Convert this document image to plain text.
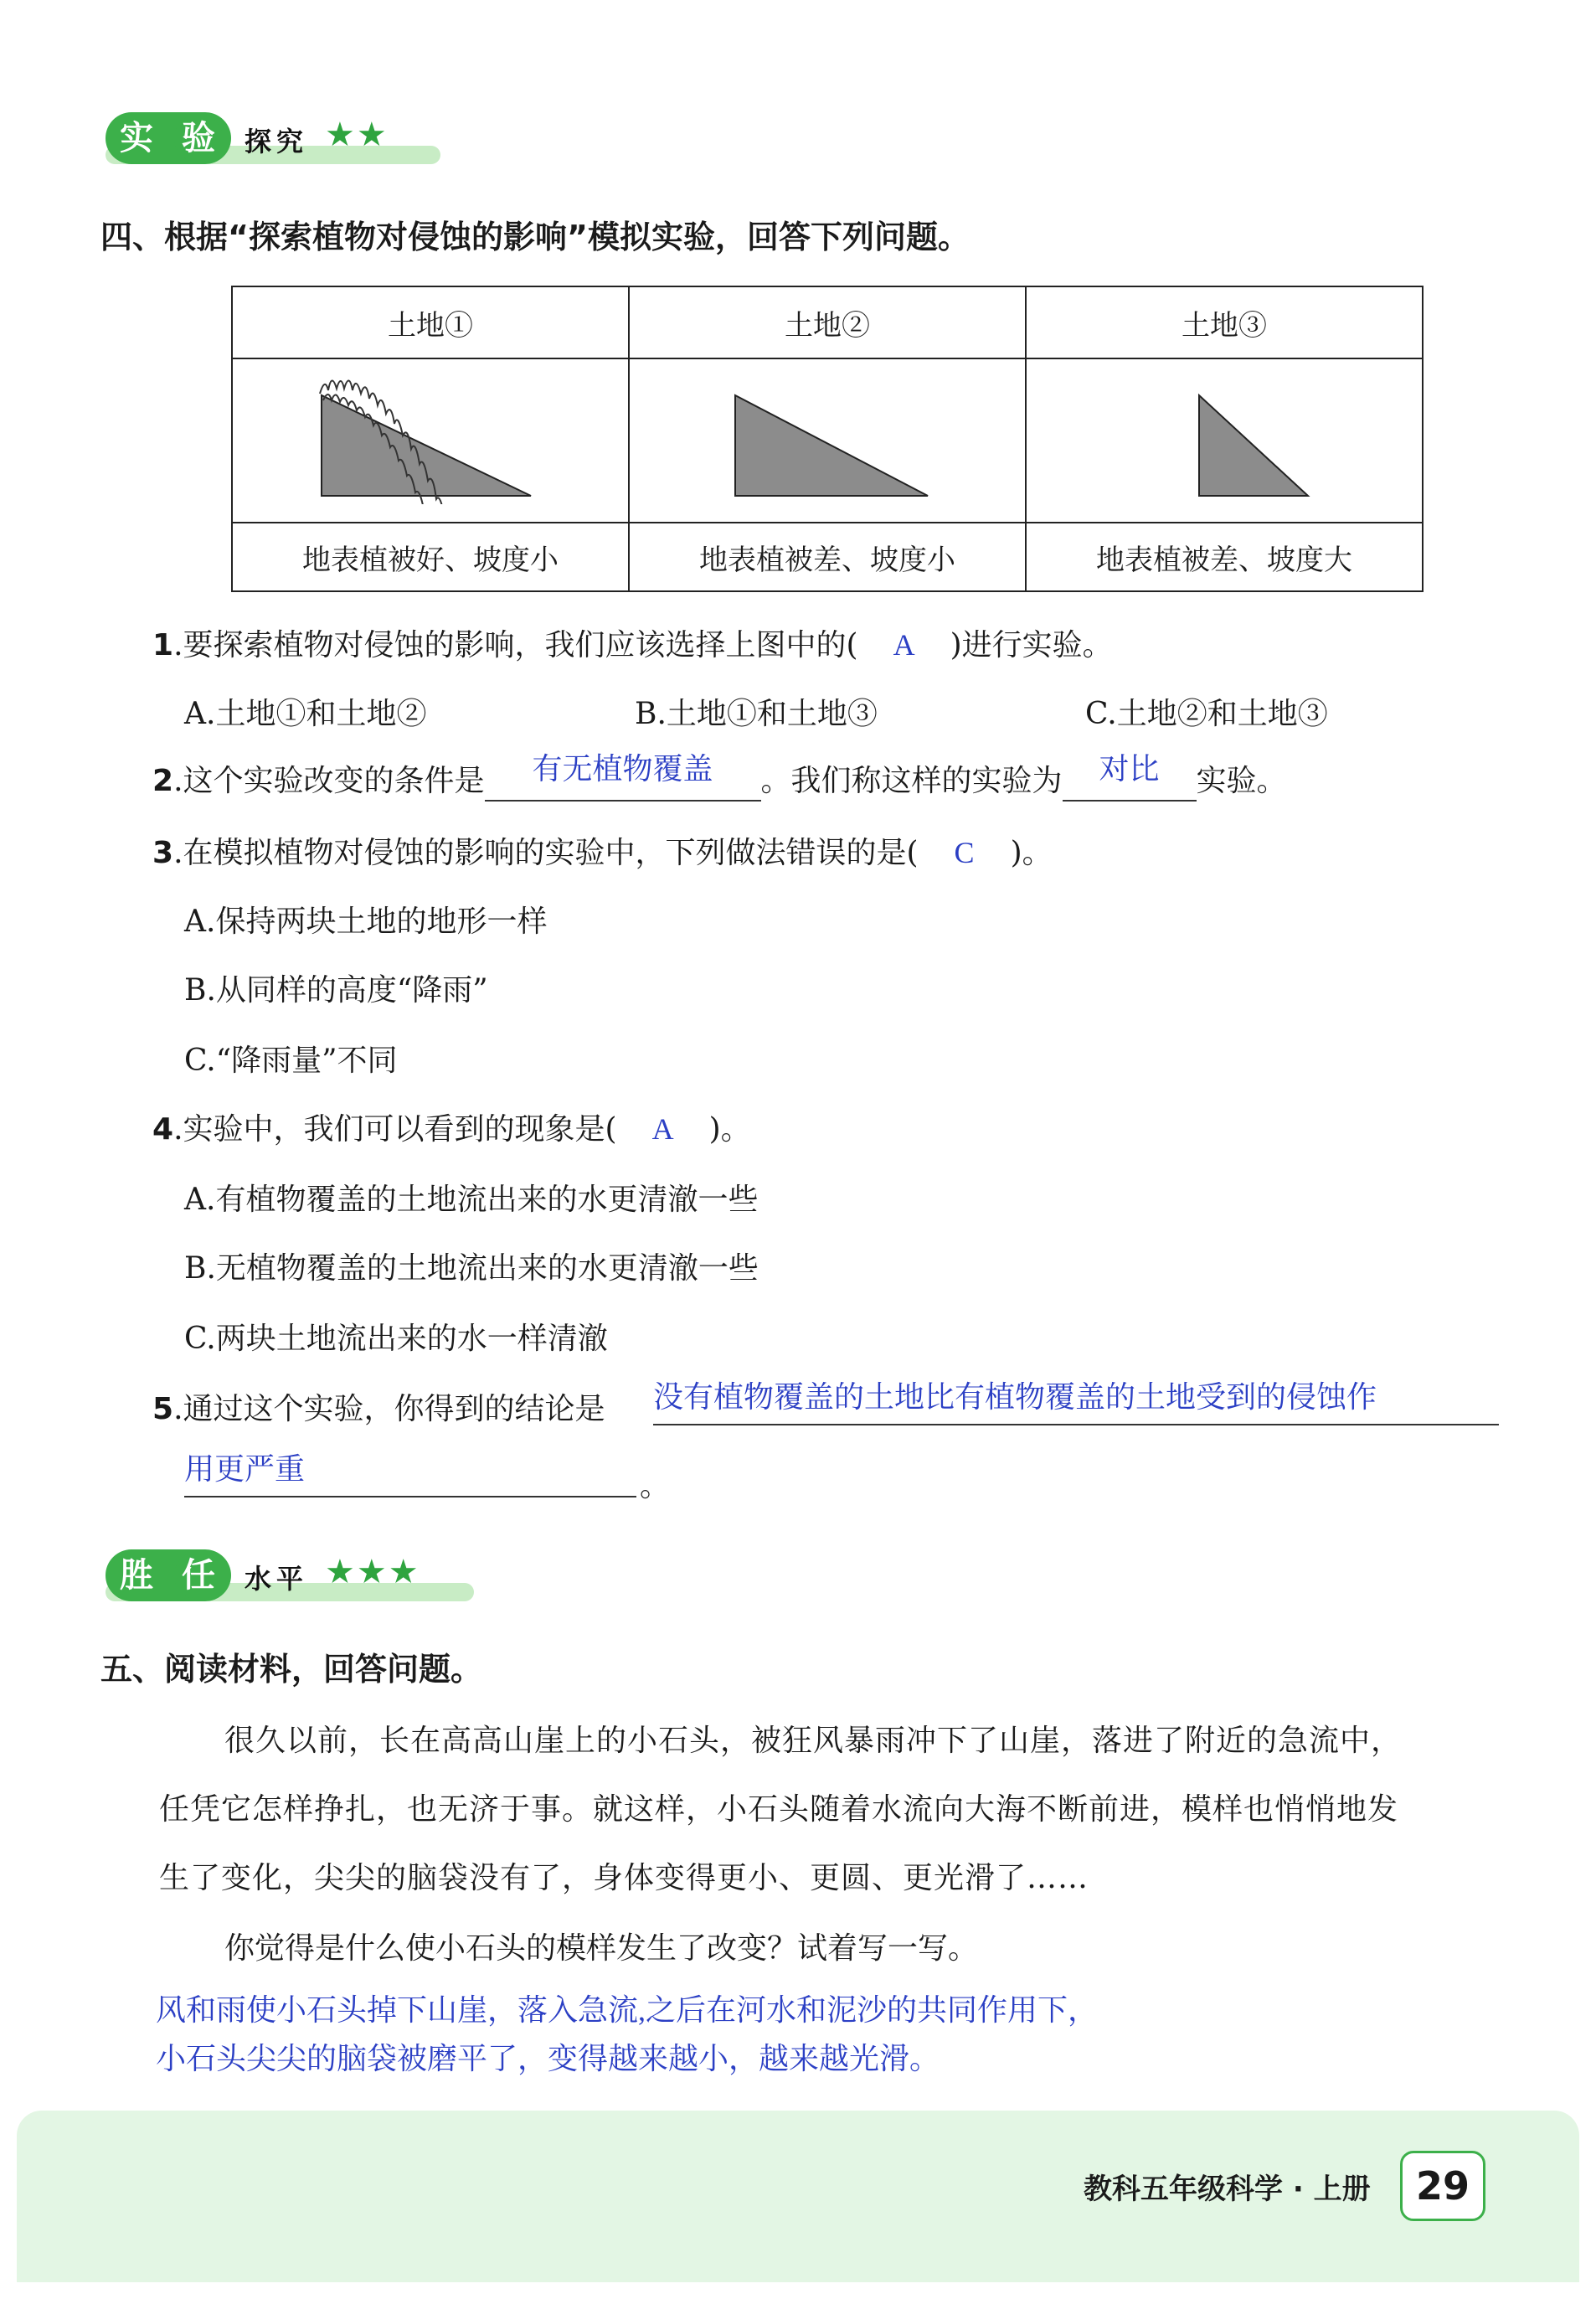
实 验 探究 ★★
四、根据“探索植物对侵蚀的影响”模拟实验，回答下列问题。
土地①	土地②	土地③

地表植被好、坡度小	地表植被差、坡度小	地表植被差、坡度大
1.要探索植物对侵蚀的影响，我们应该选择上图中的( A )进行实验。
A.土地①和土地②	B.土地①和土地③	C.土地②和土地③
2.这个实验改变的条件是 有无植物覆盖 。我们称这样的实验为 对比 实验。
3.在模拟植物对侵蚀的影响的实验中，下列做法错误的是( C )。
A.保持两块土地的地形一样
B.从同样的高度“降雨”
C.“降雨量”不同
4.实验中，我们可以看到的现象是( A )。
A.有植物覆盖的土地流出来的水更清澈一些
B.无植物覆盖的土地流出来的水更清澈一些
C.两块土地流出来的水一样清澈
5.通过这个实验，你得到的结论是 没有植物覆盖的土地比有植物覆盖的土地受到的侵蚀作
用更严重	。
胜 任 水平 ★★★
五、阅读材料，回答问题。
很久以前，长在高高山崖上的小石头，被狂风暴雨冲下了山崖，落进了附近的急流中，
任凭它怎样挣扎，也无济于事。就这样，小石头随着水流向大海不断前进，模样也悄悄地发
生了变化，尖尖的脑袋没有了，身体变得更小、更圆、更光滑了……
你觉得是什么使小石头的模样发生了改变？试着写一写。
风和雨使小石头掉下山崖，落入急流,之后在河水和泥沙的共同作用下，
小石头尖尖的脑袋被磨平了，变得越来越小，越来越光滑。
教科五年级科学 · 上册	29
